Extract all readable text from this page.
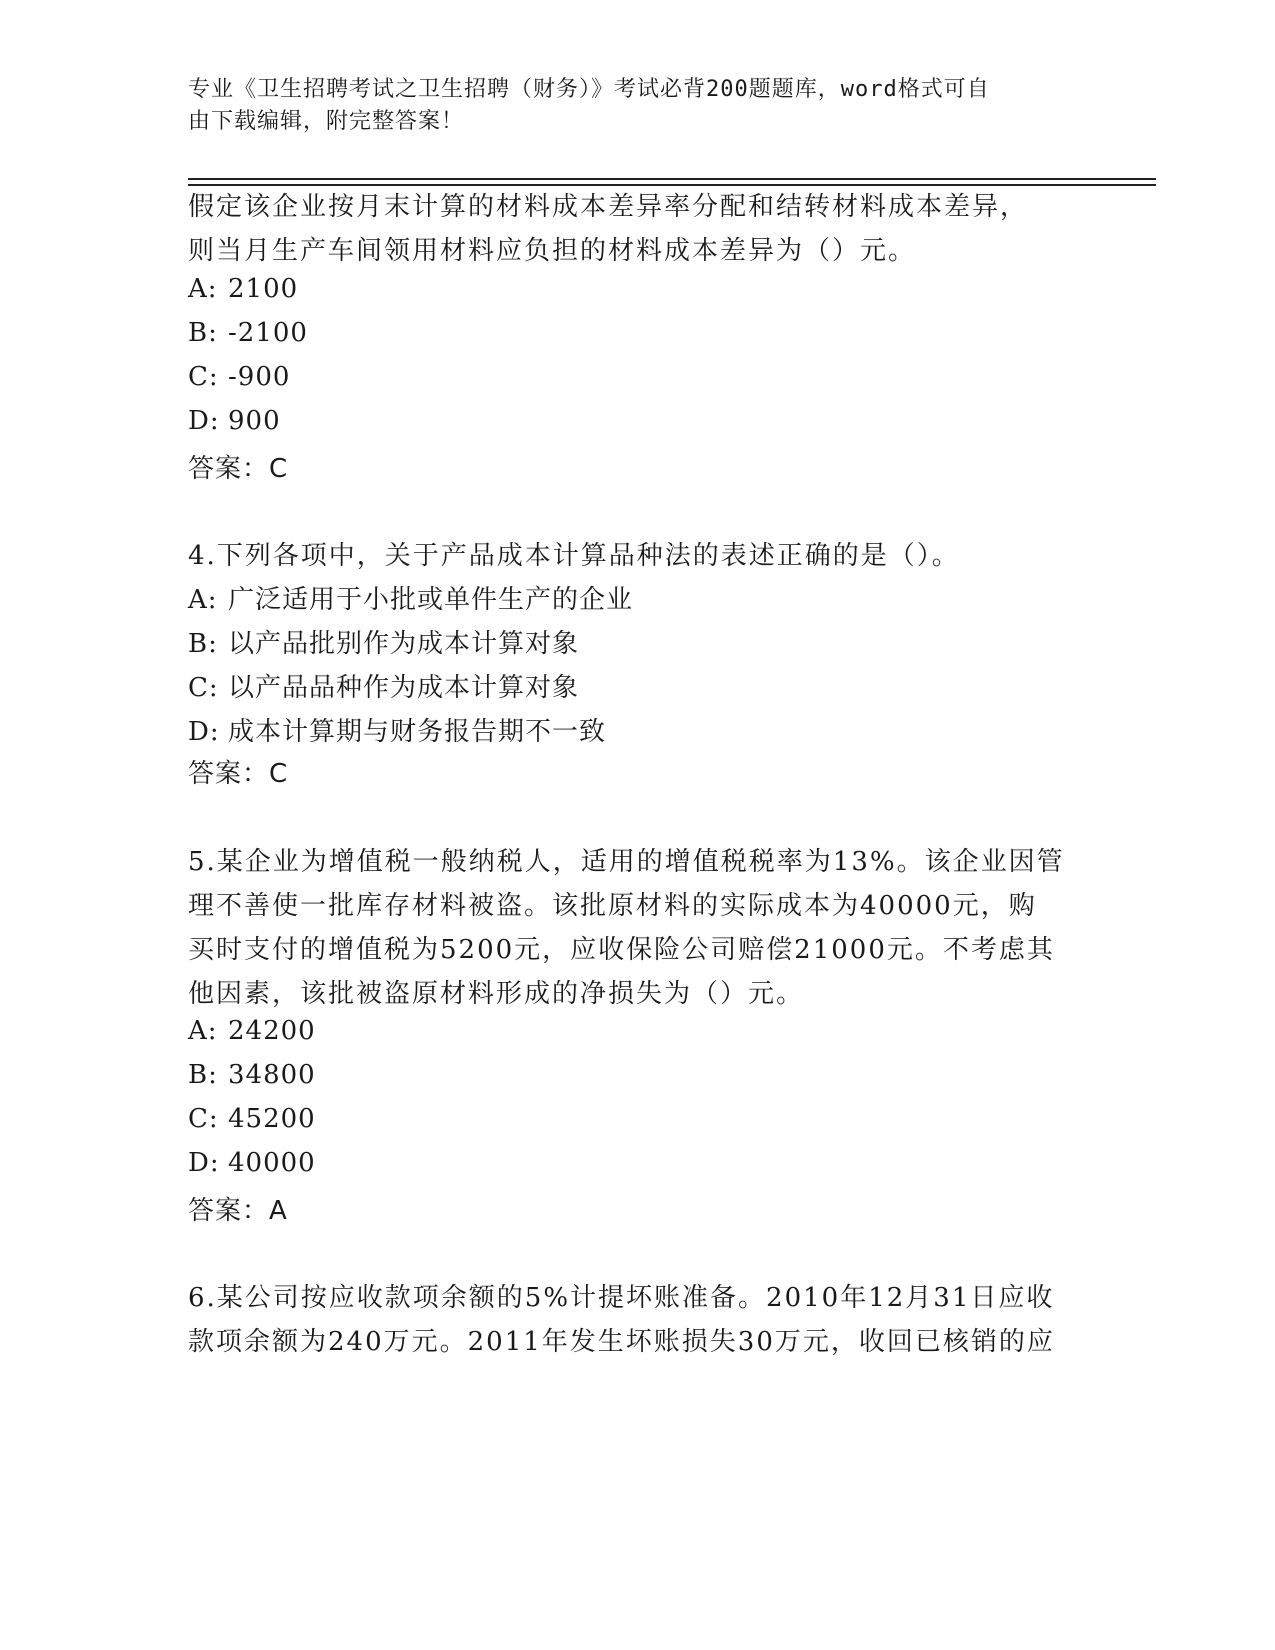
专业《卫生招聘考试之卫生招聘（财务）》考试必背200题题库，word格式可自
由下载编辑，附完整答案！
假定该企业按月末计算的材料成本差异率分配和结转材料成本差异，
则当月生产车间领用材料应负担的材料成本差异为（）元。
A: 2100
B: -2100
C: -900
D: 900
答案：C
4.下列各项中，关于产品成本计算品种法的表述正确的是（）。
A: 广泛适用于小批或单件生产的企业
B: 以产品批别作为成本计算对象
C: 以产品品种作为成本计算对象
D: 成本计算期与财务报告期不一致
答案：C
5.某企业为增值税一般纳税人，适用的增值税税率为13%。该企业因管
理不善使一批库存材料被盗。该批原材料的实际成本为40000元，购
买时支付的增值税为5200元，应收保险公司赔偿21000元。不考虑其
他因素，该批被盗原材料形成的净损失为（）元。
A: 24200
B: 34800
C: 45200
D: 40000
答案：A
6.某公司按应收款项余额的5%计提坏账准备。2010年12月31日应收
款项余额为240万元。2011年发生坏账损失30万元，收回已核销的应
